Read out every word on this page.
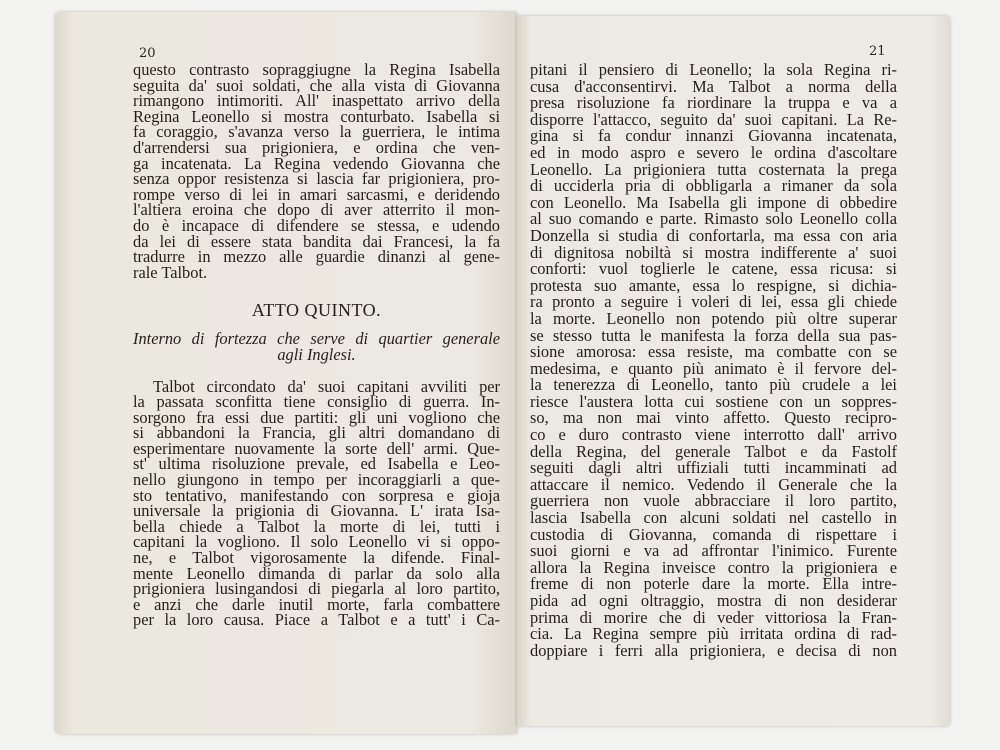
20
questo contrasto sopraggiugne la Regina Isabella
seguita da' suoi soldati, che alla vista di Giovanna
rimangono intimoriti. All' inaspettato arrivo della
Regina Leonello si mostra conturbato. Isabella si
fa coraggio, s'avanza verso la guerriera, le intima
d'arrendersi sua prigioniera, e ordina che ven-
ga incatenata. La Regina vedendo Giovanna che
senza oppor resistenza si lascia far prigioniera, pro-
rompe verso di lei in amari sarcasmi, e deridendo
l'altiera eroina che dopo di aver atterrito il mon-
do è incapace di difendere se stessa, e udendo
da lei di essere stata bandita dai Francesi, la fa
tradurre in mezzo alle guardie dinanzi al gene-
rale Talbot.
ATTO QUINTO.
Interno di fortezza che serve di quartier generale
agli Inglesi.
Talbot circondato da' suoi capitani avviliti per
la passata sconfitta tiene consiglio di guerra. In-
sorgono fra essi due partiti: gli uni vogliono che
si abbandoni la Francia, gli altri domandano di
esperimentare nuovamente la sorte dell' armi. Que-
st' ultima risoluzione prevale, ed Isabella e Leo-
nello giungono in tempo per incoraggiarli a que-
sto tentativo, manifestando con sorpresa e gioja
universale la prigionia di Giovanna. L' irata Isa-
bella chiede a Talbot la morte di lei, tutti i
capitani la vogliono. Il solo Leonello vi si oppo-
ne, e Talbot vigorosamente la difende. Final-
mente Leonello dimanda di parlar da solo alla
prigioniera lusingandosi di piegarla al loro partito,
e anzi che darle inutil morte, farla combattere
per la loro causa. Piace a Talbot e a tutt' i Ca-
21
pitani il pensiero di Leonello; la sola Regina ri-
cusa d'acconsentirvi. Ma Talbot a norma della
presa risoluzione fa riordinare la truppa e va a
disporre l'attacco, seguito da' suoi capitani. La Re-
gina si fa condur innanzi Giovanna incatenata,
ed in modo aspro e severo le ordina d'ascoltare
Leonello. La prigioniera tutta costernata la prega
di ucciderla pria di obbligarla a rimaner da sola
con Leonello. Ma Isabella gli impone di obbedire
al suo comando e parte. Rimasto solo Leonello colla
Donzella si studia di confortarla, ma essa con aria
di dignitosa nobiltà si mostra indifferente a' suoi
conforti: vuol toglierle le catene, essa ricusa: si
protesta suo amante, essa lo respigne, si dichia-
ra pronto a seguire i voleri di lei, essa gli chiede
la morte. Leonello non potendo più oltre superar
se stesso tutta le manifesta la forza della sua pas-
sione amorosa: essa resiste, ma combatte con se
medesima, e quanto più animato è il fervore del-
la tenerezza di Leonello, tanto più crudele a lei
riesce l'austera lotta cui sostiene con un soppres-
so, ma non mai vinto affetto. Questo recipro-
co e duro contrasto viene interrotto dall' arrivo
della Regina, del generale Talbot e da Fastolf
seguiti dagli altri uffiziali tutti incamminati ad
attaccare il nemico. Vedendo il Generale che la
guerriera non vuole abbracciare il loro partito,
lascia Isabella con alcuni soldati nel castello in
custodia di Giovanna, comanda di rispettare i
suoi giorni e va ad affrontar l'inimico. Furente
allora la Regina inveisce contro la prigioniera e
freme di non poterle dare la morte. Ella intre-
pida ad ogni oltraggio, mostra di non desiderar
prima di morire che di veder vittoriosa la Fran-
cia. La Regina sempre più irritata ordina di rad-
doppiare i ferri alla prigioniera, e decisa di non
